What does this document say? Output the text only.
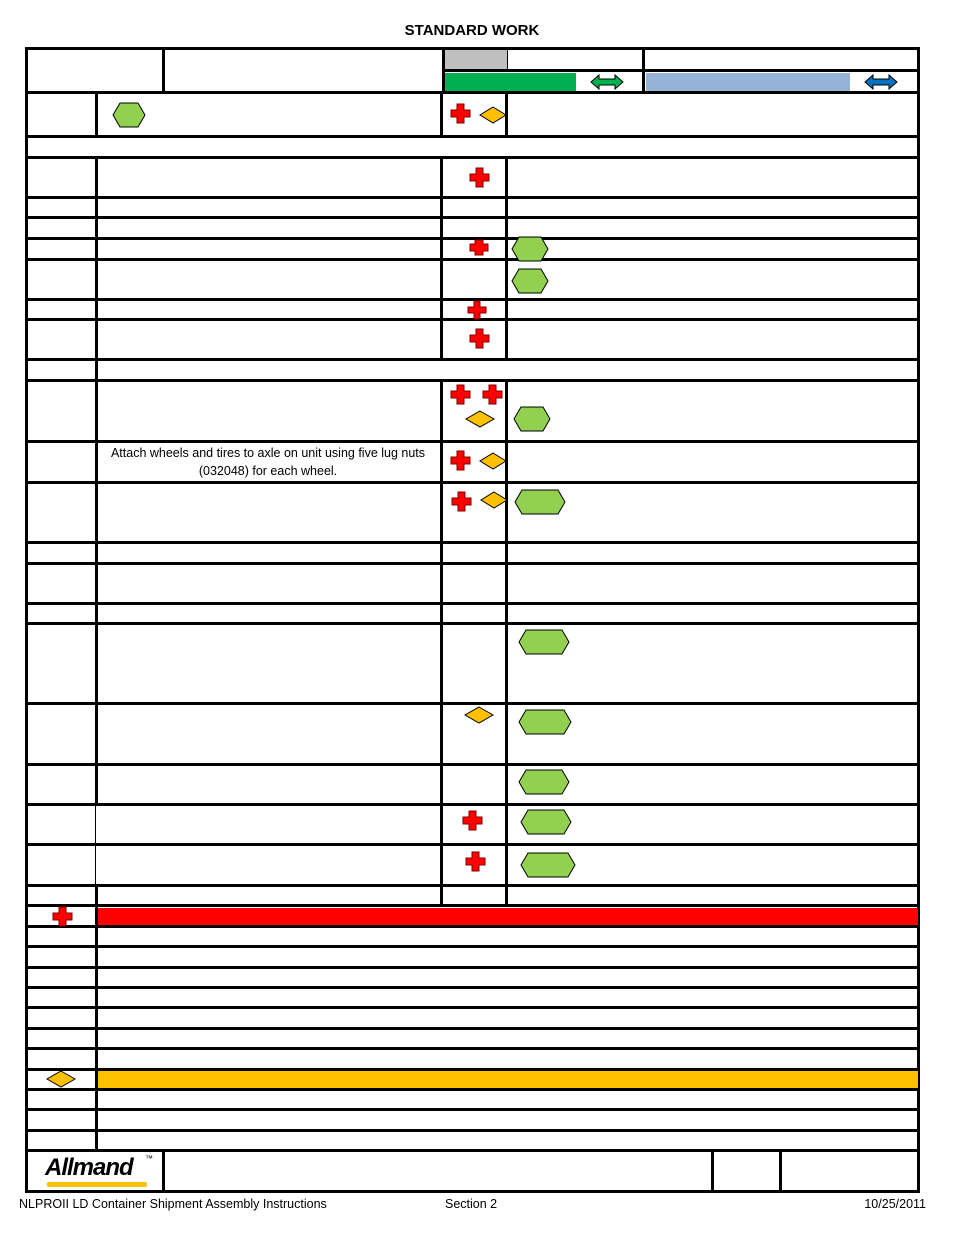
STANDARD WORK
Attach wheels and tires to axle on unit using five lug nuts (032048) for each wheel.
Allmand ™
NLPROII LD Container Shipment Assembly Instructions	Section 2	10/25/2011
